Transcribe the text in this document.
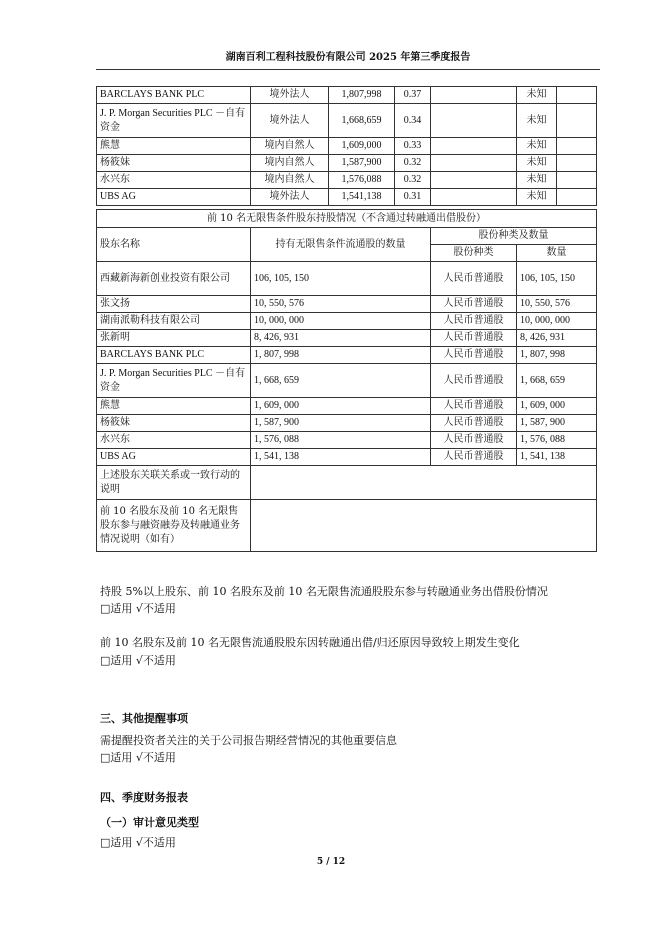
湖南百利工程科技股份有限公司 2025 年第三季度报告
BARCLAYS BANK PLC	境外法人	1,807,998	0.37		未知	
J. P. Morgan Securities PLC －自有资金	境外法人	1,668,659	0.34		未知	
熊慧	境内自然人	1,609,000	0.33		未知	
杨筱妹	境内自然人	1,587,900	0.32		未知	
水兴东	境内自然人	1,576,088	0.32		未知	
UBS AG	境外法人	1,541,138	0.31		未知	
前 10 名无限售条件股东持股情况（不含通过转融通出借股份）			
股东名称	持有无限售条件流通股的数量	股份种类及数量	
		股份种类	数量
西藏新海新创业投资有限公司	106, 105, 150	人民币普通股	106, 105, 150
张文扬	10, 550, 576	人民币普通股	10, 550, 576
湖南派勒科技有限公司	10, 000, 000	人民币普通股	10, 000, 000
张新明	8, 426, 931	人民币普通股	8, 426, 931
BARCLAYS BANK PLC	1, 807, 998	人民币普通股	1, 807, 998
J. P. Morgan Securities PLC －自有资金	1, 668, 659	人民币普通股	1, 668, 659
熊慧	1, 609, 000	人民币普通股	1, 609, 000
杨筱妹	1, 587, 900	人民币普通股	1, 587, 900
水兴东	1, 576, 088	人民币普通股	1, 576, 088
UBS AG	1, 541, 138	人民币普通股	1, 541, 138
上述股东关联关系或一致行动的说明			
前 10 名股东及前 10 名无限售股东参与融资融券及转融通业务情况说明（如有）			
持股 5%以上股东、前 10 名股东及前 10 名无限售流通股股东参与转融通业务出借股份情况
□适用 √不适用
前 10 名股东及前 10 名无限售流通股股东因转融通出借/归还原因导致较上期发生变化
□适用 √不适用
三、其他提醒事项
需提醒投资者关注的关于公司报告期经营情况的其他重要信息
□适用 √不适用
四、季度财务报表
（一）审计意见类型
□适用 √不适用
5 / 12
